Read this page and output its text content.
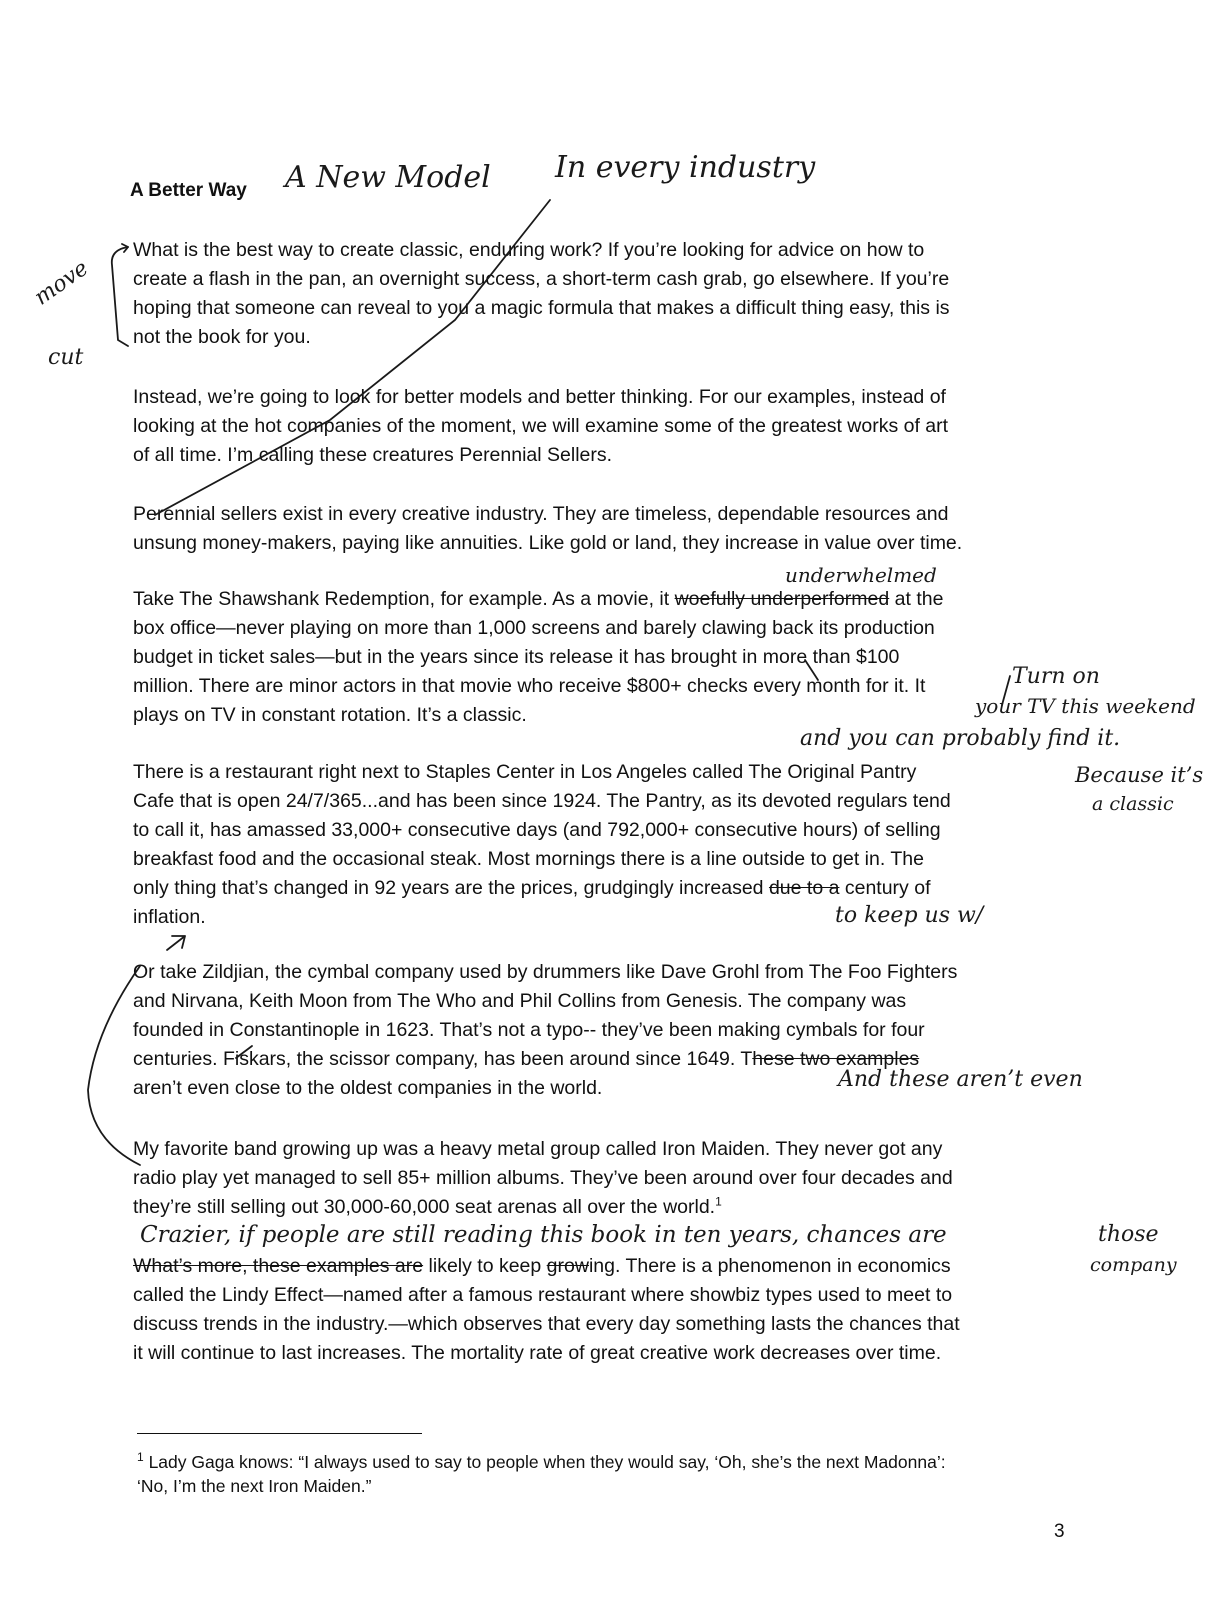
A Better Way

What is the best way to create classic, enduring work? If you’re looking for advice on how to
create a flash in the pan, an overnight success, a short-term cash grab, go elsewhere. If you’re
hoping that someone can reveal to you a magic formula that makes a difficult thing easy, this is
not the book for you.

Instead, we’re going to look for better models and better thinking. For our examples, instead of
looking at the hot companies of the moment, we will examine some of the greatest works of art
of all time. I’m calling these creatures Perennial Sellers.

Perennial sellers exist in every creative industry. They are timeless, dependable resources and
unsung money-makers, paying like annuities. Like gold or land, they increase in value over time.

Take The Shawshank Redemption, for example. As a movie, it woefully underperformed at the
box office—never playing on more than 1,000 screens and barely clawing back its production
budget in ticket sales—but in the years since its release it has brought in more than $100
million. There are minor actors in that movie who receive $800+ checks every month for it. It
plays on TV in constant rotation. It’s a classic.

There is a restaurant right next to Staples Center in Los Angeles called The Original Pantry
Cafe that is open 24/7/365...and has been since 1924. The Pantry, as its devoted regulars tend
to call it, has amassed 33,000+ consecutive days (and 792,000+ consecutive hours) of selling
breakfast food and the occasional steak. Most mornings there is a line outside to get in. The
only thing that’s changed in 92 years are the prices, grudgingly increased due to a century of
inflation.

Or take Zildjian, the cymbal company used by drummers like Dave Grohl from The Foo Fighters
and Nirvana, Keith Moon from The Who and Phil Collins from Genesis. The company was
founded in Constantinople in 1623. That’s not a typo-- they’ve been making cymbals for four
centuries. Fiskars, the scissor company, has been around since 1649. These two examples
aren’t even close to the oldest companies in the world.

My favorite band growing up was a heavy metal group called Iron Maiden. They never got any
radio play yet managed to sell 85+ million albums. They’ve been around over four decades and
they’re still selling out 30,000-60,000 seat arenas all over the world.$^1$

What’s more, these examples are likely to keep growing. There is a phenomenon in economics
called the Lindy Effect—named after a famous restaurant where showbiz types used to meet to
discuss trends in the industry.—which observes that every day something lasts the chances that
it will continue to last increases. The mortality rate of great creative work decreases over time.

$^1$ Lady Gaga knows: “I always used to say to people when they would say, ‘Oh, she’s the next Madonna’:
‘No, I’m the next Iron Maiden.”

3
A New Model In every industry
move
cut
underwhelmed
Turn on
your TV this weekend
and you can probably find it.
Because it’s
a classic
to keep us w/
And these aren’t even
Crazier, if people are still reading this book in ten years, chances are	those
company
